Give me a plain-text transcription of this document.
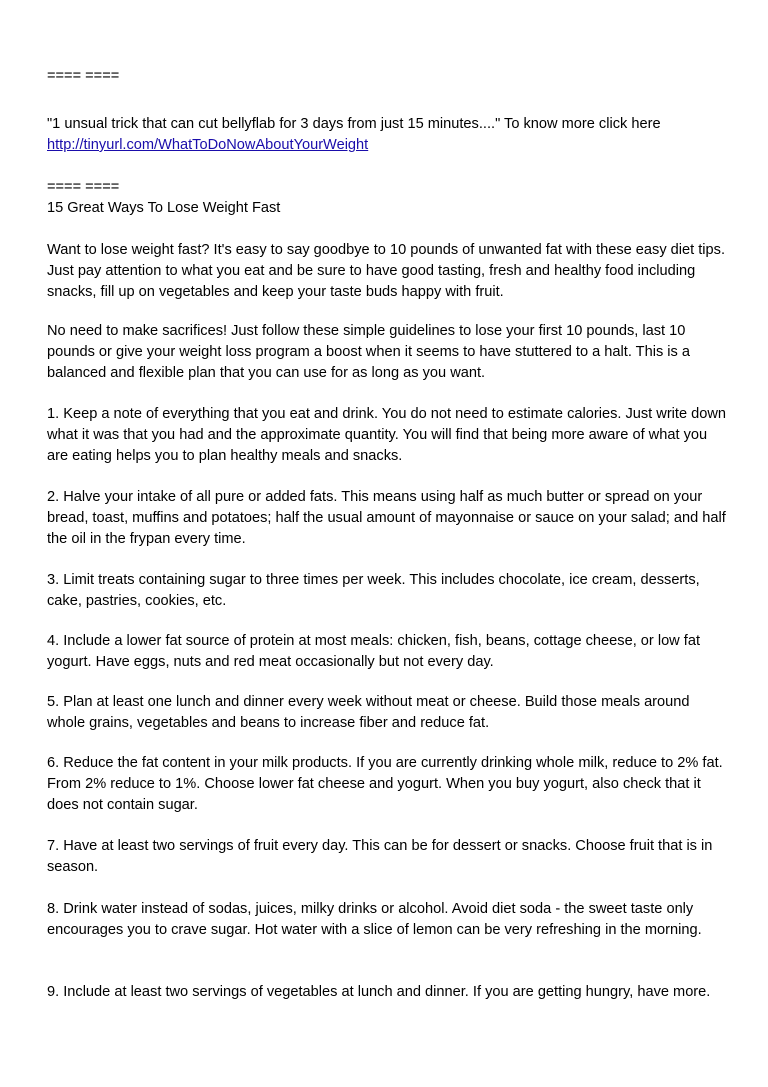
==== ====

"1 unsual trick that can cut bellyflab for 3 days from just 15 minutes...." To know more click here

http://tinyurl.com/WhatToDoNowAboutYourWeight

==== ====

15 Great Ways To Lose Weight Fast

Want to lose weight fast? It's easy to say goodbye to 10 pounds of unwanted fat with these easy diet tips. Just pay attention to what you eat and be sure to have good tasting, fresh and healthy food including snacks, fill up on vegetables and keep your taste buds happy with fruit.

No need to make sacrifices! Just follow these simple guidelines to lose your first 10 pounds, last 10 pounds or give your weight loss program a boost when it seems to have stuttered to a halt. This is a balanced and flexible plan that you can use for as long as you want.

1. Keep a note of everything that you eat and drink. You do not need to estimate calories. Just write down what it was that you had and the approximate quantity. You will find that being more aware of what you are eating helps you to plan healthy meals and snacks.

2. Halve your intake of all pure or added fats. This means using half as much butter or spread on your bread, toast, muffins and potatoes; half the usual amount of mayonnaise or sauce on your salad; and half the oil in the frypan every time.

3. Limit treats containing sugar to three times per week. This includes chocolate, ice cream, desserts, cake, pastries, cookies, etc.

4. Include a lower fat source of protein at most meals: chicken, fish, beans, cottage cheese, or low fat yogurt. Have eggs, nuts and red meat occasionally but not every day.

5. Plan at least one lunch and dinner every week without meat or cheese. Build those meals around whole grains, vegetables and beans to increase fiber and reduce fat.

6. Reduce the fat content in your milk products. If you are currently drinking whole milk, reduce to 2% fat. From 2% reduce to 1%. Choose lower fat cheese and yogurt. When you buy yogurt, also check that it does not contain sugar.

7. Have at least two servings of fruit every day. This can be for dessert or snacks. Choose fruit that is in season.

8. Drink water instead of sodas, juices, milky drinks or alcohol. Avoid diet soda - the sweet taste only encourages you to crave sugar. Hot water with a slice of lemon can be very refreshing in the morning.

9. Include at least two servings of vegetables at lunch and dinner. If you are getting hungry, have more.
